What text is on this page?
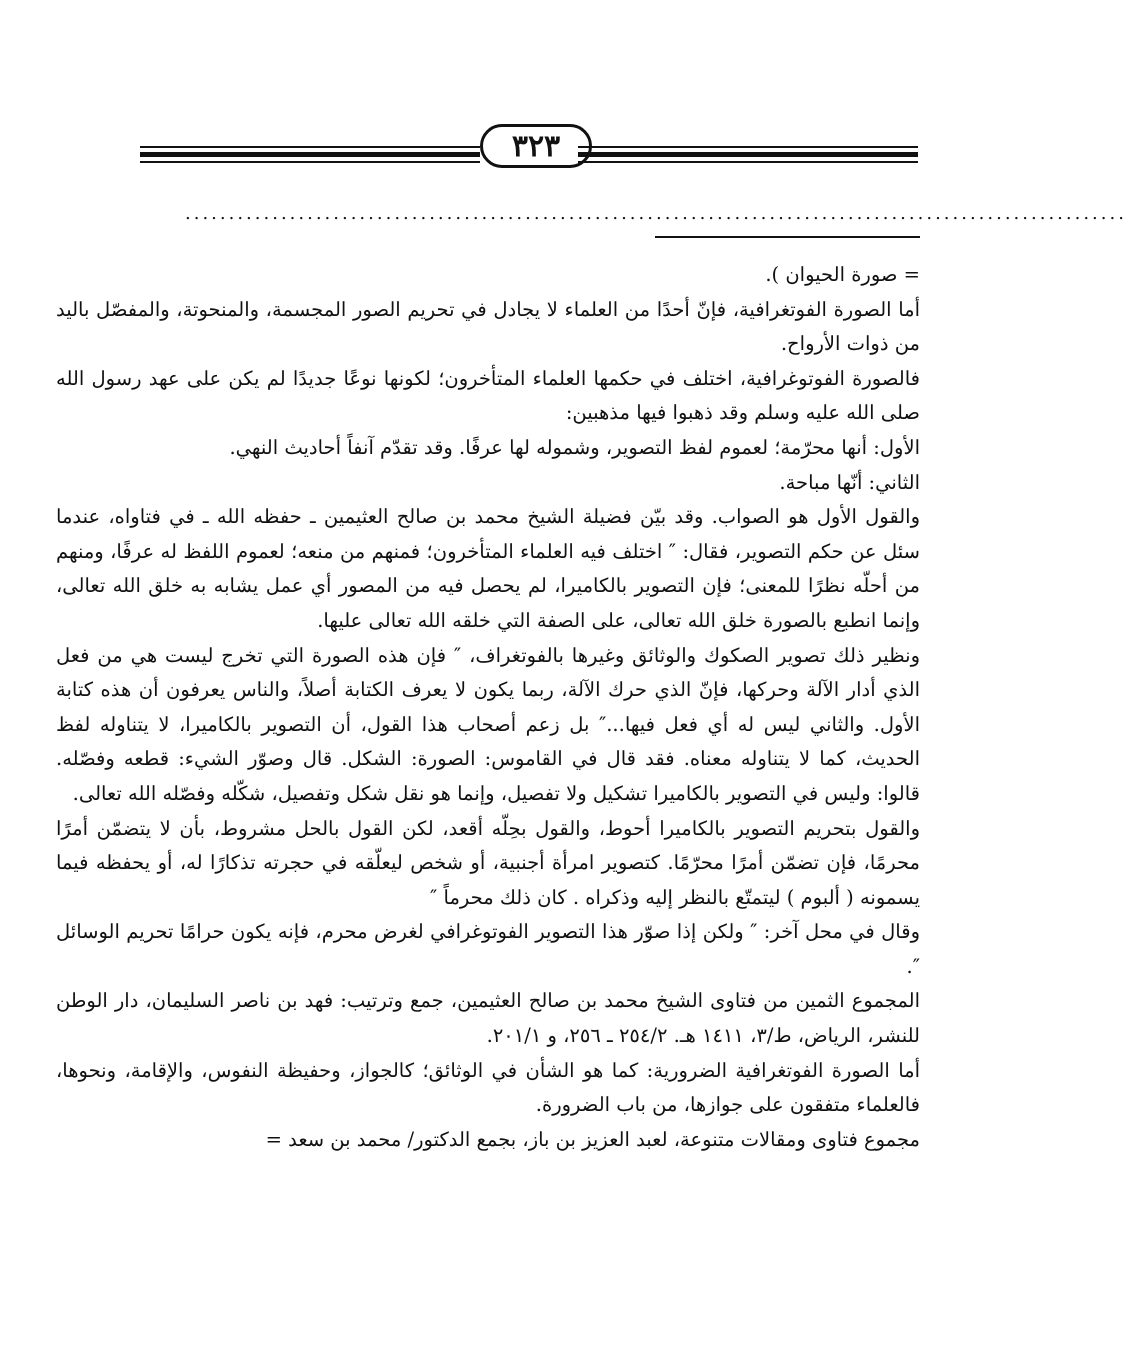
٣٢٣
............................................................................................................

= صورة الحيوان ).

أما الصورة الفوتغرافية، فإنّ أحدًا من العلماء لا يجادل في تحريم الصور المجسمة، والمنحوتة، والمفصّل باليد من ذوات الأرواح.

فالصورة الفوتوغرافية، اختلف في حكمها العلماء المتأخرون؛ لكونها نوعًا جديدًا لم يكن على عهد رسول الله صلى الله عليه وسلم وقد ذهبوا فيها مذهبين:

الأول: أنها محرّمة؛ لعموم لفظ التصوير، وشموله لها عرفًا. وقد تقدّم آنفاً أحاديث النهي.

الثاني: أنّها مباحة.

والقول الأول هو الصواب. وقد بيّن فضيلة الشيخ محمد بن صالح العثيمين ـ حفظه الله ـ في فتاواه، عندما سئل عن حكم التصوير، فقال: ″ اختلف فيه العلماء المتأخرون؛ فمنهم من منعه؛ لعموم اللفظ له عرفًا، ومنهم من أحلّه نظرًا للمعنى؛ فإن التصوير بالكاميرا، لم يحصل فيه من المصور أي عمل يشابه به خلق الله تعالى، وإنما انطبع بالصورة خلق الله تعالى، على الصفة التي خلقه الله تعالى عليها.

ونظير ذلك تصوير الصكوك والوثائق وغيرها بالفوتغراف، ″ فإن هذه الصورة التي تخرج ليست هي من فعل الذي أدار الآلة وحركها، فإنّ الذي حرك الآلة، ربما يكون لا يعرف الكتابة أصلاً، والناس يعرفون أن هذه كتابة الأول. والثاني ليس له أي فعل فيها...″ بل زعم أصحاب هذا القول، أن التصوير بالكاميرا، لا يتناوله لفظ الحديث، كما لا يتناوله معناه. فقد قال في القاموس: الصورة: الشكل. قال وصوّر الشيء: قطعه وفصّله. قالوا: وليس في التصوير بالكاميرا تشكيل ولا تفصيل، وإنما هو نقل شكل وتفصيل، شكّله وفصّله الله تعالى.

والقول بتحريم التصوير بالكاميرا أحوط، والقول بحِلّه أقعد، لكن القول بالحل مشروط، بأن لا يتضمّن أمرًا محرمًا، فإن تضمّن أمرًا محرّمًا. كتصوير امرأة أجنبية، أو شخص ليعلّقه في حجرته تذكارًا له، أو يحفظه فيما يسمونه ( ألبوم ) ليتمتّع بالنظر إليه وذكراه . كان ذلك محرماً ″

وقال في محل آخر: ″ ولكن إذا صوّر هذا التصوير الفوتوغرافي لغرض محرم، فإنه يكون حرامًا تحريم الوسائل ″.

المجموع الثمين من فتاوى الشيخ محمد بن صالح العثيمين، جمع وترتيب: فهد بن ناصر السليمان، دار الوطن للنشر، الرياض، ط/٣، ١٤١١ هـ. ٢٥٤/٢ ـ ٢٥٦، و ٢٠١/١.

أما الصورة الفوتغرافية الضرورية: كما هو الشأن في الوثائق؛ كالجواز، وحفيظة النفوس، والإقامة، ونحوها، فالعلماء متفقون على جوازها، من باب الضرورة.

مجموع فتاوى ومقالات متنوعة، لعبد العزيز بن باز، بجمع الدكتور/ محمد بن سعد =
